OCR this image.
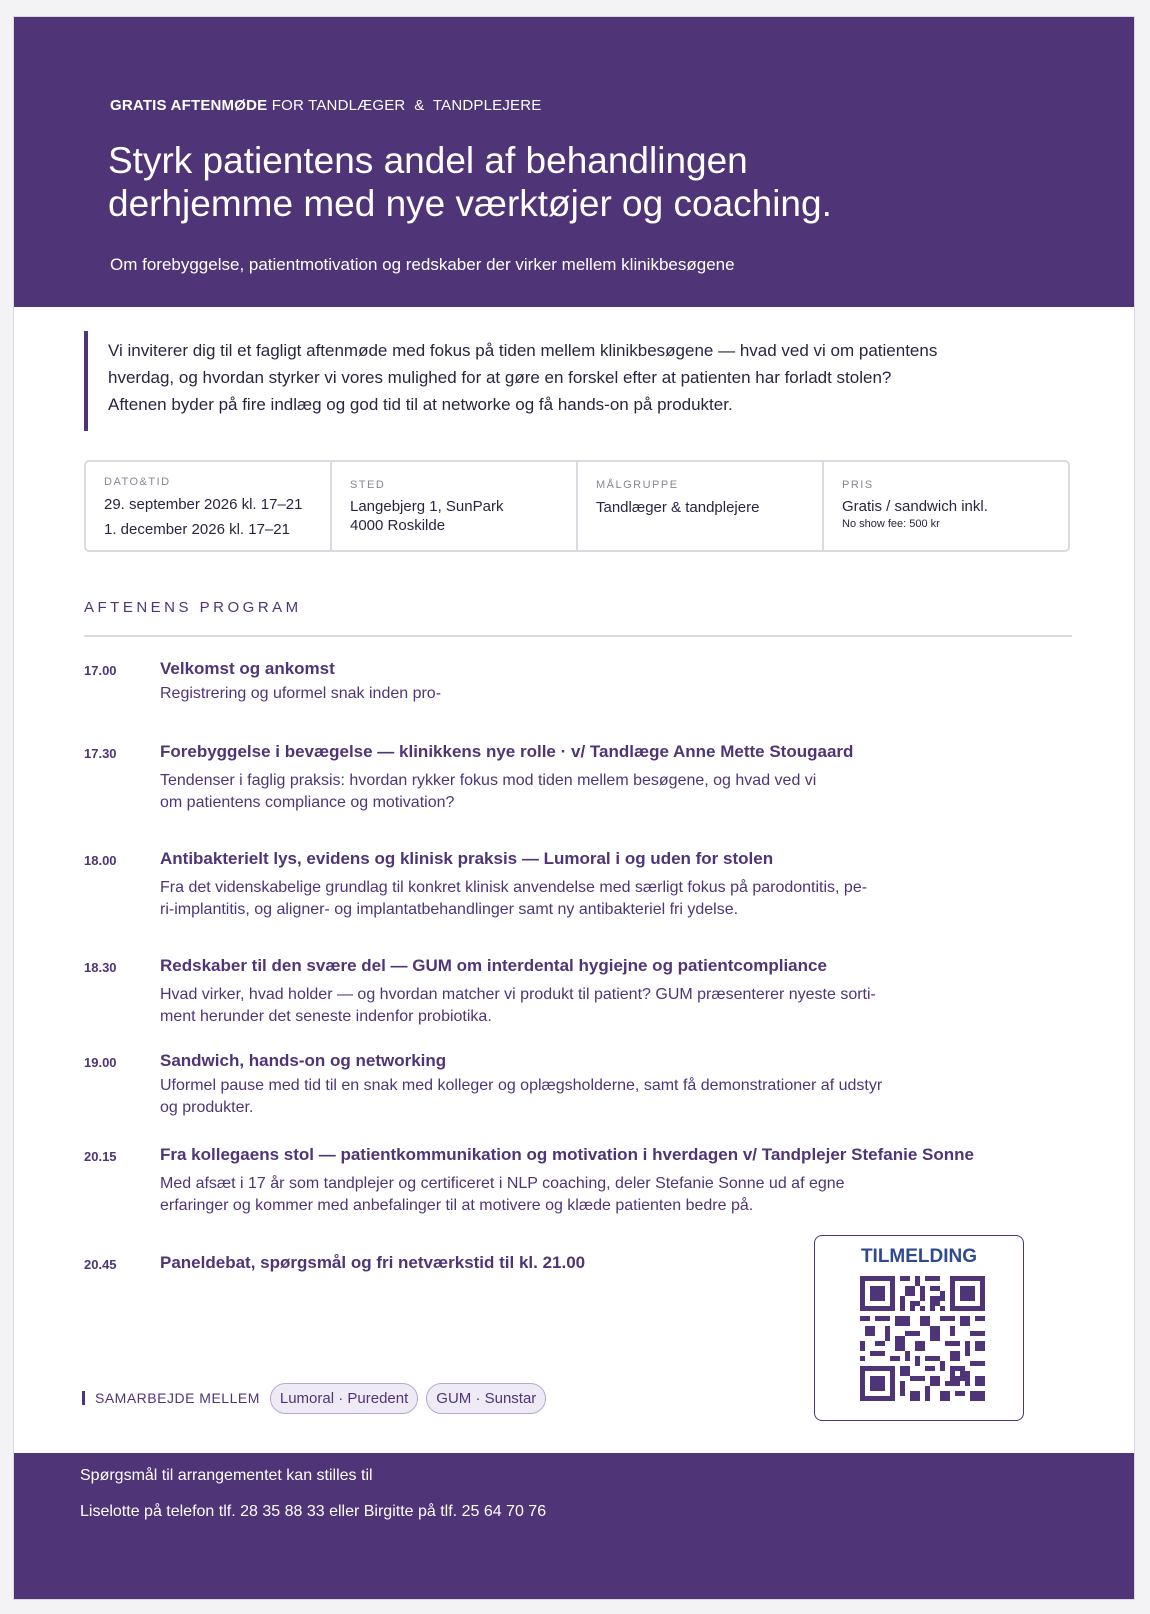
GRATIS AFTENMØDE FOR TANDLÆGER  &  TANDPLEJERE
Styrk patientens andel af behandlingen
derhjemme med nye værktøjer og coaching.
Om forebyggelse, patientmotivation og redskaber der virker mellem klinikbesøgene

Vi inviterer dig til et fagligt aftenmøde med fokus på tiden mellem klinikbesøgene — hvad ved vi om patientens
hverdag, og hvordan styrker vi vores mulighed for at gøre en forskel efter at patienten har forladt stolen?
Aftenen byder på fire indlæg og god tid til at networke og få hands-on på produkter.

DATO&TID
29. september 2026 kl. 17–21
1. december 2026 kl. 17–21
STED
Langebjerg 1, SunPark
4000 Roskilde
MÅLGRUPPE
Tandlæger & tandplejere
PRIS
Gratis / sandwich inkl.
No show fee: 500 kr
AFTENENS PROGRAM
17.00	Velkomst og ankomst
Registrering og uformel snak inden pro-
17.30	Forebyggelse i bevægelse — klinikkens nye rolle · v/ Tandlæge Anne Mette Stougaard
Tendenser i faglig praksis: hvordan rykker fokus mod tiden mellem besøgene, og hvad ved vi
om patientens compliance og motivation?
18.00	Antibakterielt lys, evidens og klinisk praksis — Lumoral i og uden for stolen
Fra det videnskabelige grundlag til konkret klinisk anvendelse med særligt fokus på parodontitis, pe-
ri-implantitis, og aligner- og implantatbehandlinger samt ny antibakteriel fri ydelse.
18.30	Redskaber til den svære del — GUM om interdental hygiejne og patientcompliance
Hvad virker, hvad holder — og hvordan matcher vi produkt til patient? GUM præsenterer nyeste sorti-
ment herunder det seneste indenfor probiotika.
19.00	Sandwich, hands-on og networking
Uformel pause med tid til en snak med kolleger og oplægsholderne, samt få demonstrationer af udstyr
og produkter.
20.15	Fra kollegaens stol — patientkommunikation og motivation i hverdagen v/ Tandplejer Stefanie Sonne
Med afsæt i 17 år som tandplejer og certificeret i NLP coaching, deler Stefanie Sonne ud af egne
erfaringer og kommer med anbefalinger til at motivere og klæde patienten bedre på.
20.45	Paneldebat, spørgsmål og fri netværkstid til kl. 21.00	TILMELDING
SAMARBEJDE MELLEM	Lumoral · Puredent	GUM · Sunstar
Spørgsmål til arrangementet kan stilles til
Liselotte på telefon tlf. 28 35 88 33 eller Birgitte på tlf. 25 64 70 76
